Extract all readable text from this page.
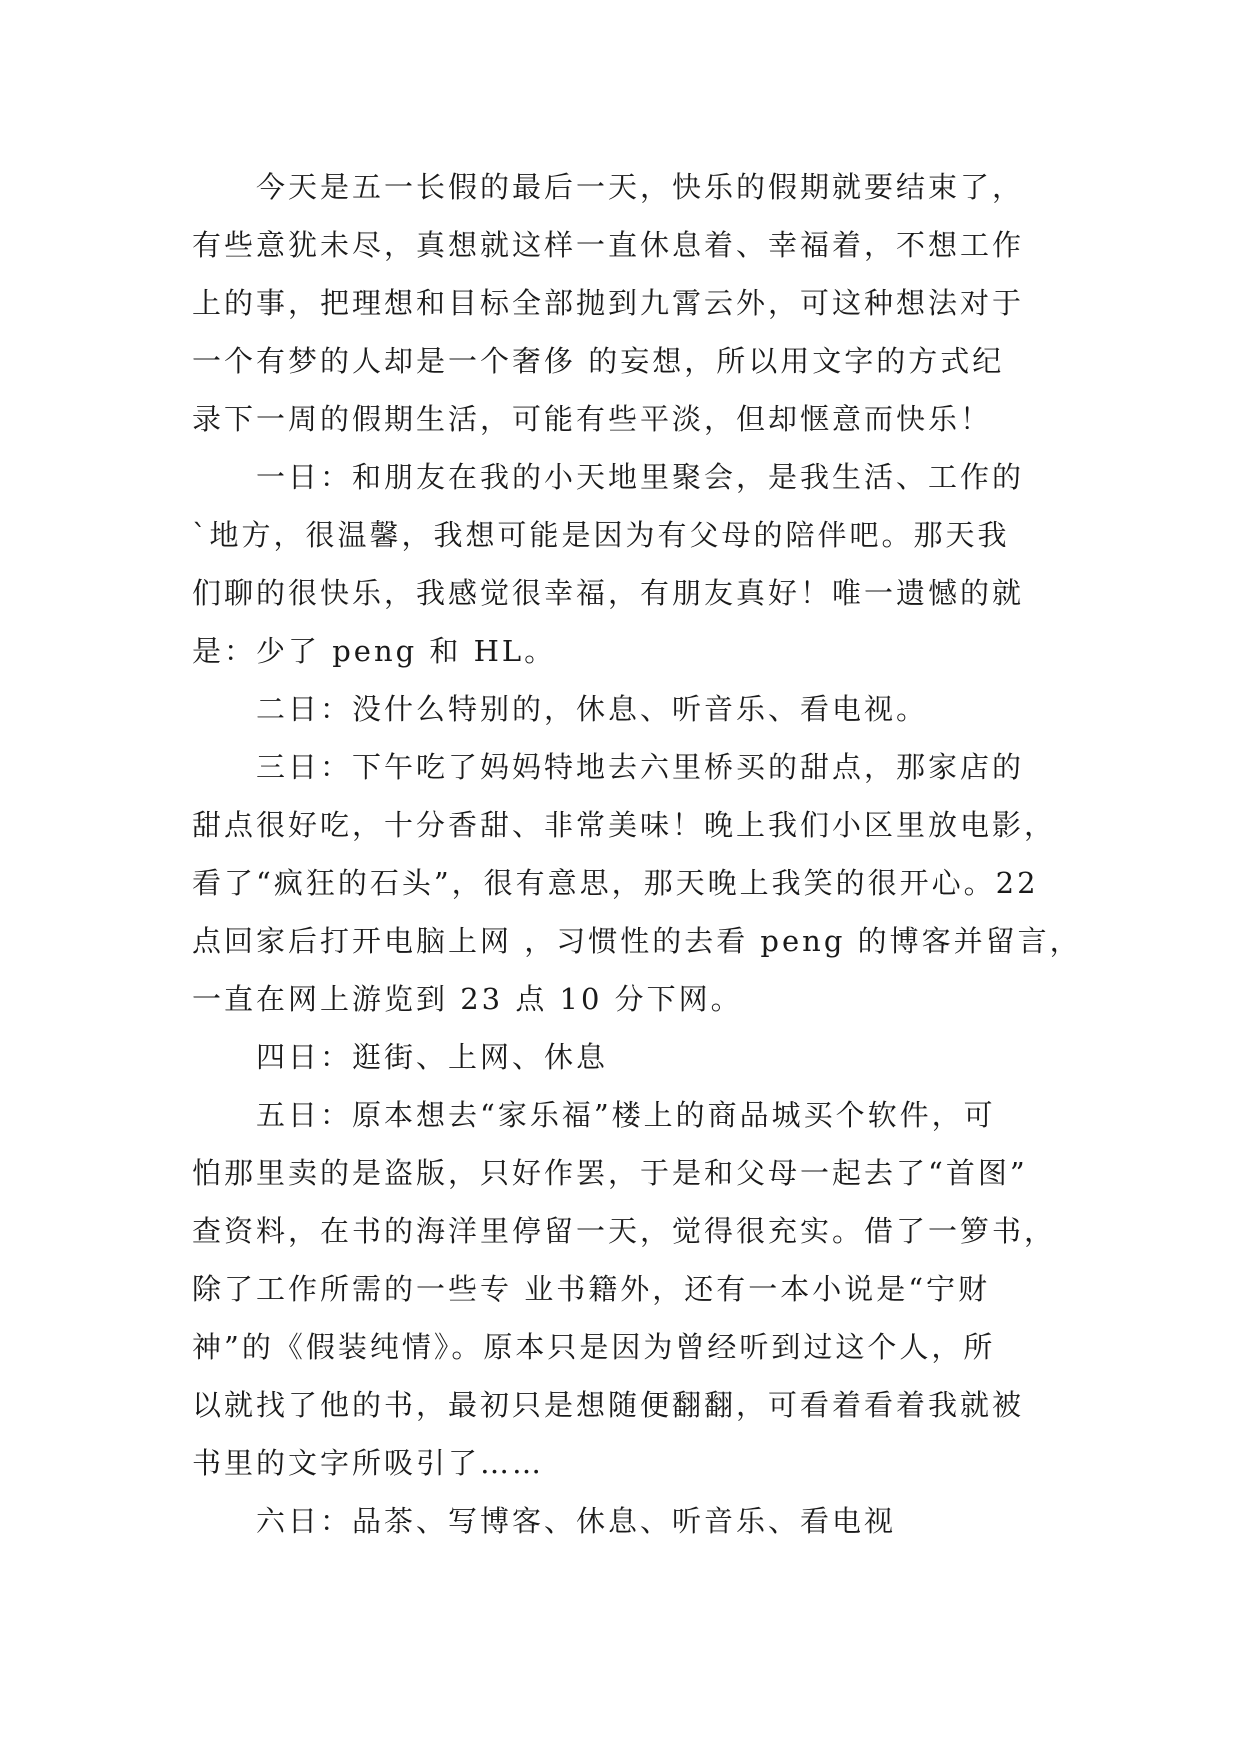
今天是五一长假的最后一天，快乐的假期就要结束了，
有些意犹未尽，真想就这样一直休息着、幸福着，不想工作
上的事，把理想和目标全部抛到九霄云外，可这种想法对于
一个有梦的人却是一个奢侈 的妄想，所以用文字的方式纪
录下一周的假期生活，可能有些平淡，但却惬意而快乐！
一日：和朋友在我的小天地里聚会，是我生活、工作的
`地方，很温馨，我想可能是因为有父母的陪伴吧。那天我
们聊的很快乐，我感觉很幸福，有朋友真好！唯一遗憾的就
是：少了 peng 和 HL。
二日：没什么特别的，休息、听音乐、看电视。
三日：下午吃了妈妈特地去六里桥买的甜点，那家店的
甜点很好吃，十分香甜、非常美味！晚上我们小区里放电影，
看了“疯狂的石头”，很有意思，那天晚上我笑的很开心。22
点回家后打开电脑上网 ，习惯性的去看 peng 的博客并留言，
一直在网上游览到 23 点 10 分下网。
四日：逛街、上网、休息
五日：原本想去“家乐福”楼上的商品城买个软件，可
怕那里卖的是盗版，只好作罢，于是和父母一起去了“首图”
查资料，在书的海洋里停留一天，觉得很充实。借了一箩书，
除了工作所需的一些专 业书籍外，还有一本小说是“宁财
神”的《假装纯情》。原本只是因为曾经听到过这个人，所
以就找了他的书，最初只是想随便翻翻，可看着看着我就被
书里的文字所吸引了……
六日：品茶、写博客、休息、听音乐、看电视
